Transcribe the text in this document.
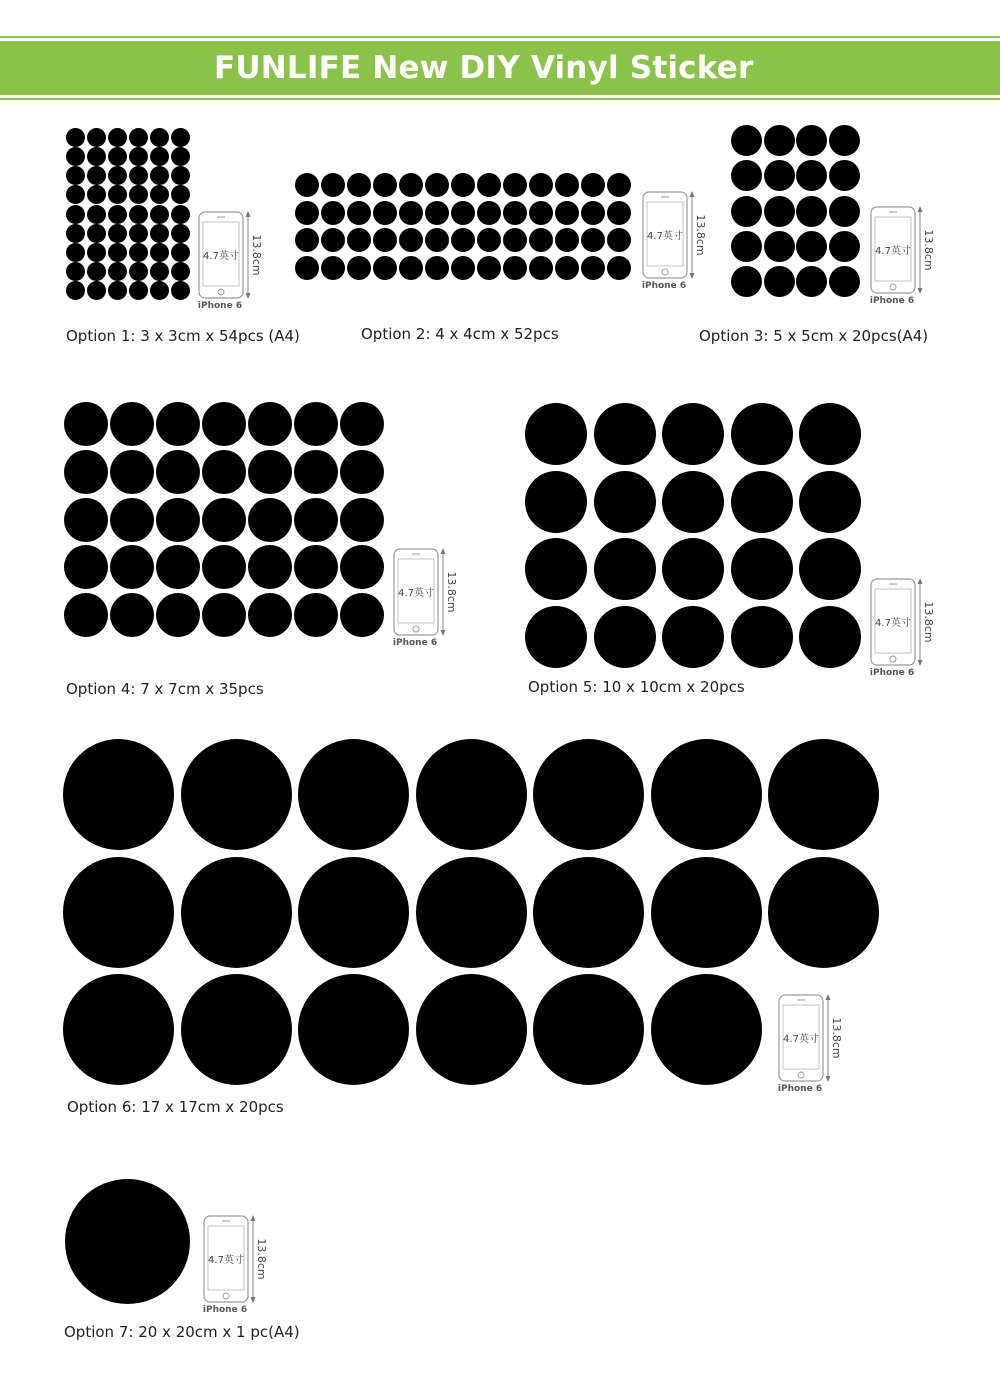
FUNLIFE New DIY Vinyl Sticker
4.7英寸
iPhone 6
13.8cm
Option 1: 3 x 3cm x 54pcs (A4)
4.7英寸
iPhone 6
13.8cm
Option 2: 4 x 4cm x 52pcs
4.7英寸
iPhone 6
13.8cm
Option 3: 5 x 5cm x 20pcs(A4)
4.7英寸
iPhone 6
13.8cm
Option 4: 7 x 7cm x 35pcs
4.7英寸
iPhone 6
13.8cm
Option 5: 10 x 10cm x 20pcs
4.7英寸
iPhone 6
13.8cm
Option 6: 17 x 17cm x 20pcs
4.7英寸
iPhone 6
13.8cm
Option 7: 20 x 20cm x 1 pc(A4)
